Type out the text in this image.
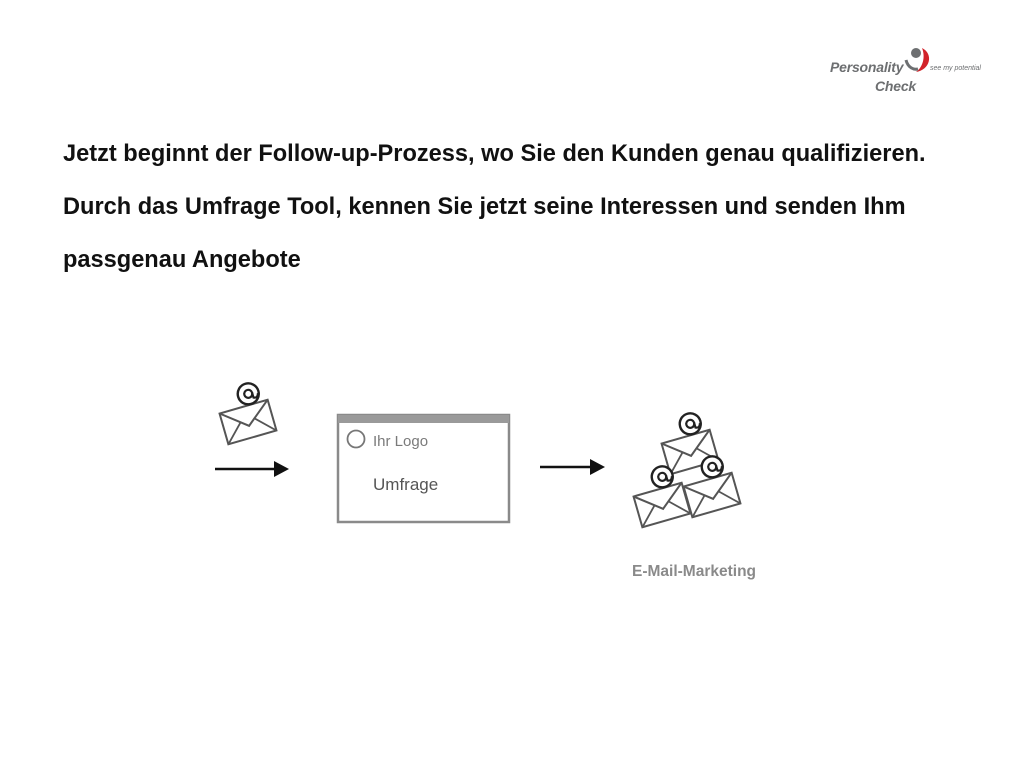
Ihr Logo
Umfrage
E-Mail-Marketing
Personality
Check
see my potential

Jetzt beginnt der Follow-up-Prozess, wo Sie den Kunden genau qualifizieren. Durch das Umfrage Tool, kennen Sie jetzt seine Interessen und senden Ihm passgenau Angebote
